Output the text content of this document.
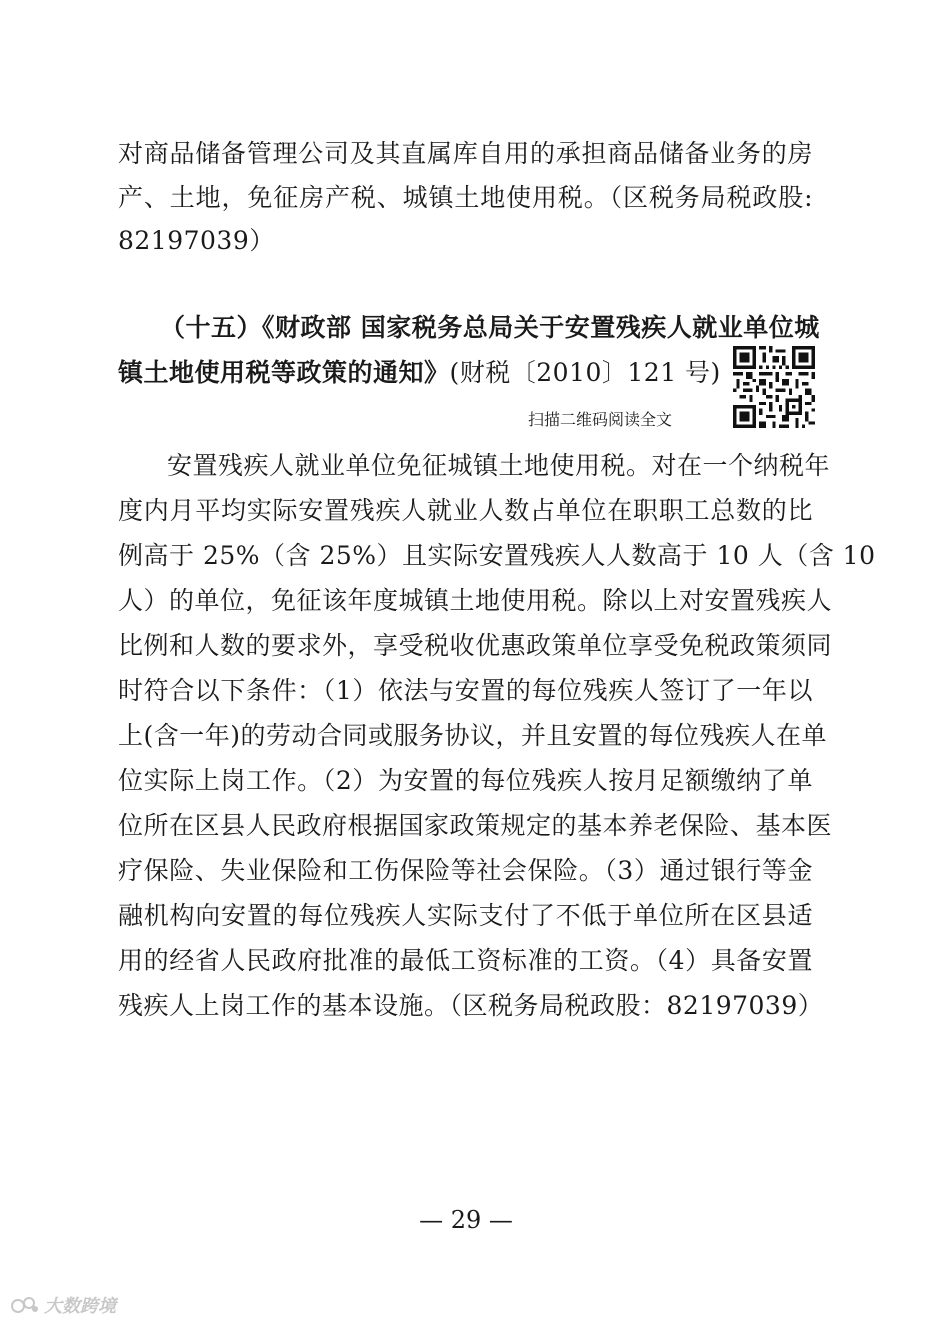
对商品储备管理公司及其直属库自用的承担商品储备业务的房
产、土地，免征房产税、城镇土地使用税。（区税务局税政股:
82197039）
（十五）《财政部 国家税务总局关于安置残疾人就业单位城
镇土地使用税等政策的通知》(财税〔2010〕121 号)
扫描二维码阅读全文
安置残疾人就业单位免征城镇土地使用税。对在一个纳税年
度内月平均实际安置残疾人就业人数占单位在职职工总数的比
例高于 25%（含 25%）且实际安置残疾人人数高于 10 人（含 10
人）的单位，免征该年度城镇土地使用税。除以上对安置残疾人
比例和人数的要求外，享受税收优惠政策单位享受免税政策须同
时符合以下条件：（1）依法与安置的每位残疾人签订了一年以
上(含一年)的劳动合同或服务协议，并且安置的每位残疾人在单
位实际上岗工作。（2）为安置的每位残疾人按月足额缴纳了单
位所在区县人民政府根据国家政策规定的基本养老保险、基本医
疗保险、失业保险和工伤保险等社会保险。（3）通过银行等金
融机构向安置的每位残疾人实际支付了不低于单位所在区县适
用的经省人民政府批准的最低工资标准的工资。（4）具备安置
残疾人上岗工作的基本设施。（区税务局税政股：82197039）
— 29 —
大数跨境
